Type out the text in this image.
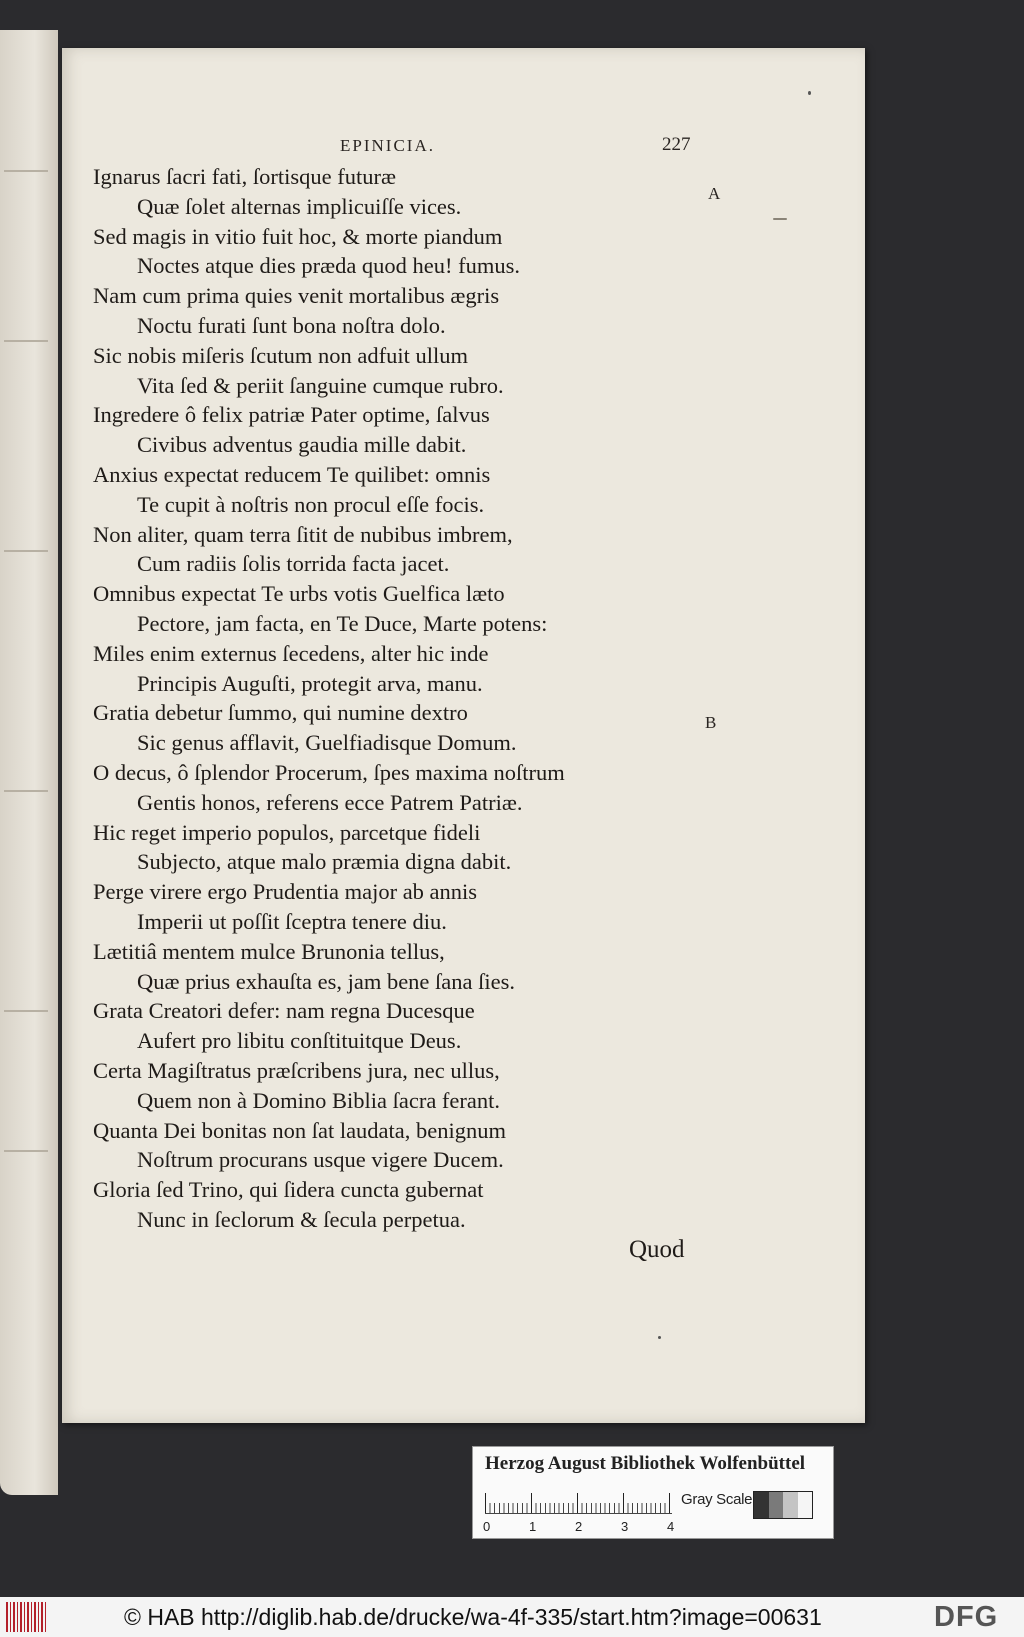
EPINICIA.	227
A
B
Ignarus ſacri fati, ſortisque futuræ
Quæ ſolet alternas implicuiſſe vices.
Sed magis in vitio fuit hoc, & morte piandum
Noctes atque dies præda quod heu! fumus.
Nam cum prima quies venit mortalibus ægris
Noctu furati ſunt bona noſtra dolo.
Sic nobis miſeris ſcutum non adfuit ullum
Vita ſed & periit ſanguine cumque rubro.
Ingredere ô felix patriæ Pater optime, ſalvus
Civibus adventus gaudia mille dabit.
Anxius expectat reducem Te quilibet: omnis
Te cupit à noſtris non procul eſſe focis.
Non aliter, quam terra ſitit de nubibus imbrem,
Cum radiis ſolis torrida facta jacet.
Omnibus expectat Te urbs votis Guelfica læto
Pectore, jam facta, en Te Duce, Marte potens:
Miles enim externus ſecedens, alter hic inde
Principis Auguſti, protegit arva, manu.
Gratia debetur ſummo, qui numine dextro
Sic genus afflavit, Guelfiadisque Domum.
O decus, ô ſplendor Procerum, ſpes maxima noſtrum
Gentis honos, referens ecce Patrem Patriæ.
Hic reget imperio populos, parcetque fideli
Subjecto, atque malo præmia digna dabit.
Perge virere ergo Prudentia major ab annis
Imperii ut poſſit ſceptra tenere diu.
Lætitiâ mentem mulce Brunonia tellus,
Quæ prius exhauſta es, jam bene ſana ſies.
Grata Creatori defer: nam regna Ducesque
Aufert pro libitu conſtituitque Deus.
Certa Magiſtratus præſcribens jura, nec ullus,
Quem non à Domino Biblia ſacra ferant.
Quanta Dei bonitas non ſat laudata, benignum
Noſtrum procurans usque vigere Ducem.
Gloria ſed Trino, qui ſidera cuncta gubernat
Nunc in ſeclorum & ſecula perpetua.
Quod
Herzog August Bibliothek Wolfenbüttel
0	1	2	3	4
Gray Scale
© HAB http://diglib.hab.de/drucke/wa-4f-335/start.htm?image=00631	DFG
